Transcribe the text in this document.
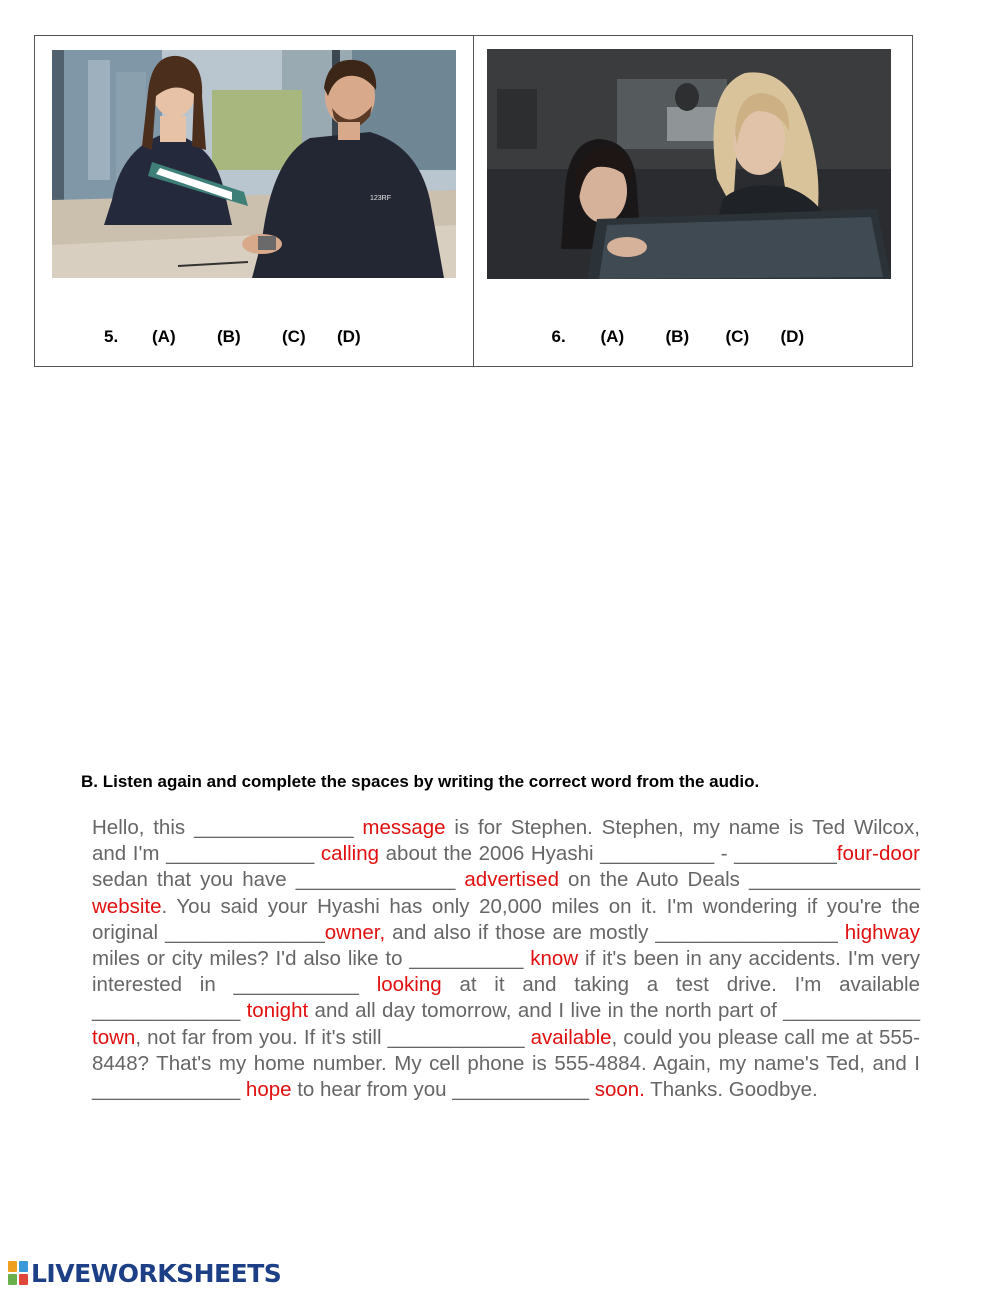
123RF
5. (A) (B) (C) (D)	6. (A) (B) (C) (D)
B. Listen again and complete the spaces by writing the correct word from the audio.
Hello, this ______________ message is for Stephen. Stephen, my name is Ted Wilcox, and I'm _____________ calling about the 2006 Hyashi __________ - _________four-door sedan that you have ______________ advertised on the Auto Deals _______________ website. You said your Hyashi has only 20,000 miles on it. I'm wondering if you're the original ______________owner, and also if those are mostly ________________ highway miles or city miles? I'd also like to __________ know if it's been in any accidents. I'm very interested in ___________ looking at it and taking a test drive. I'm available _____________ tonight and all day tomorrow, and I live in the north part of ____________ town, not far from you. If it's still ____________ available, could you please call me at 555-8448? That's my home number. My cell phone is 555-4884. Again, my name's Ted, and I _____________ hope to hear from you ____________ soon. Thanks. Goodbye.
LIVEWORKSHEETS
